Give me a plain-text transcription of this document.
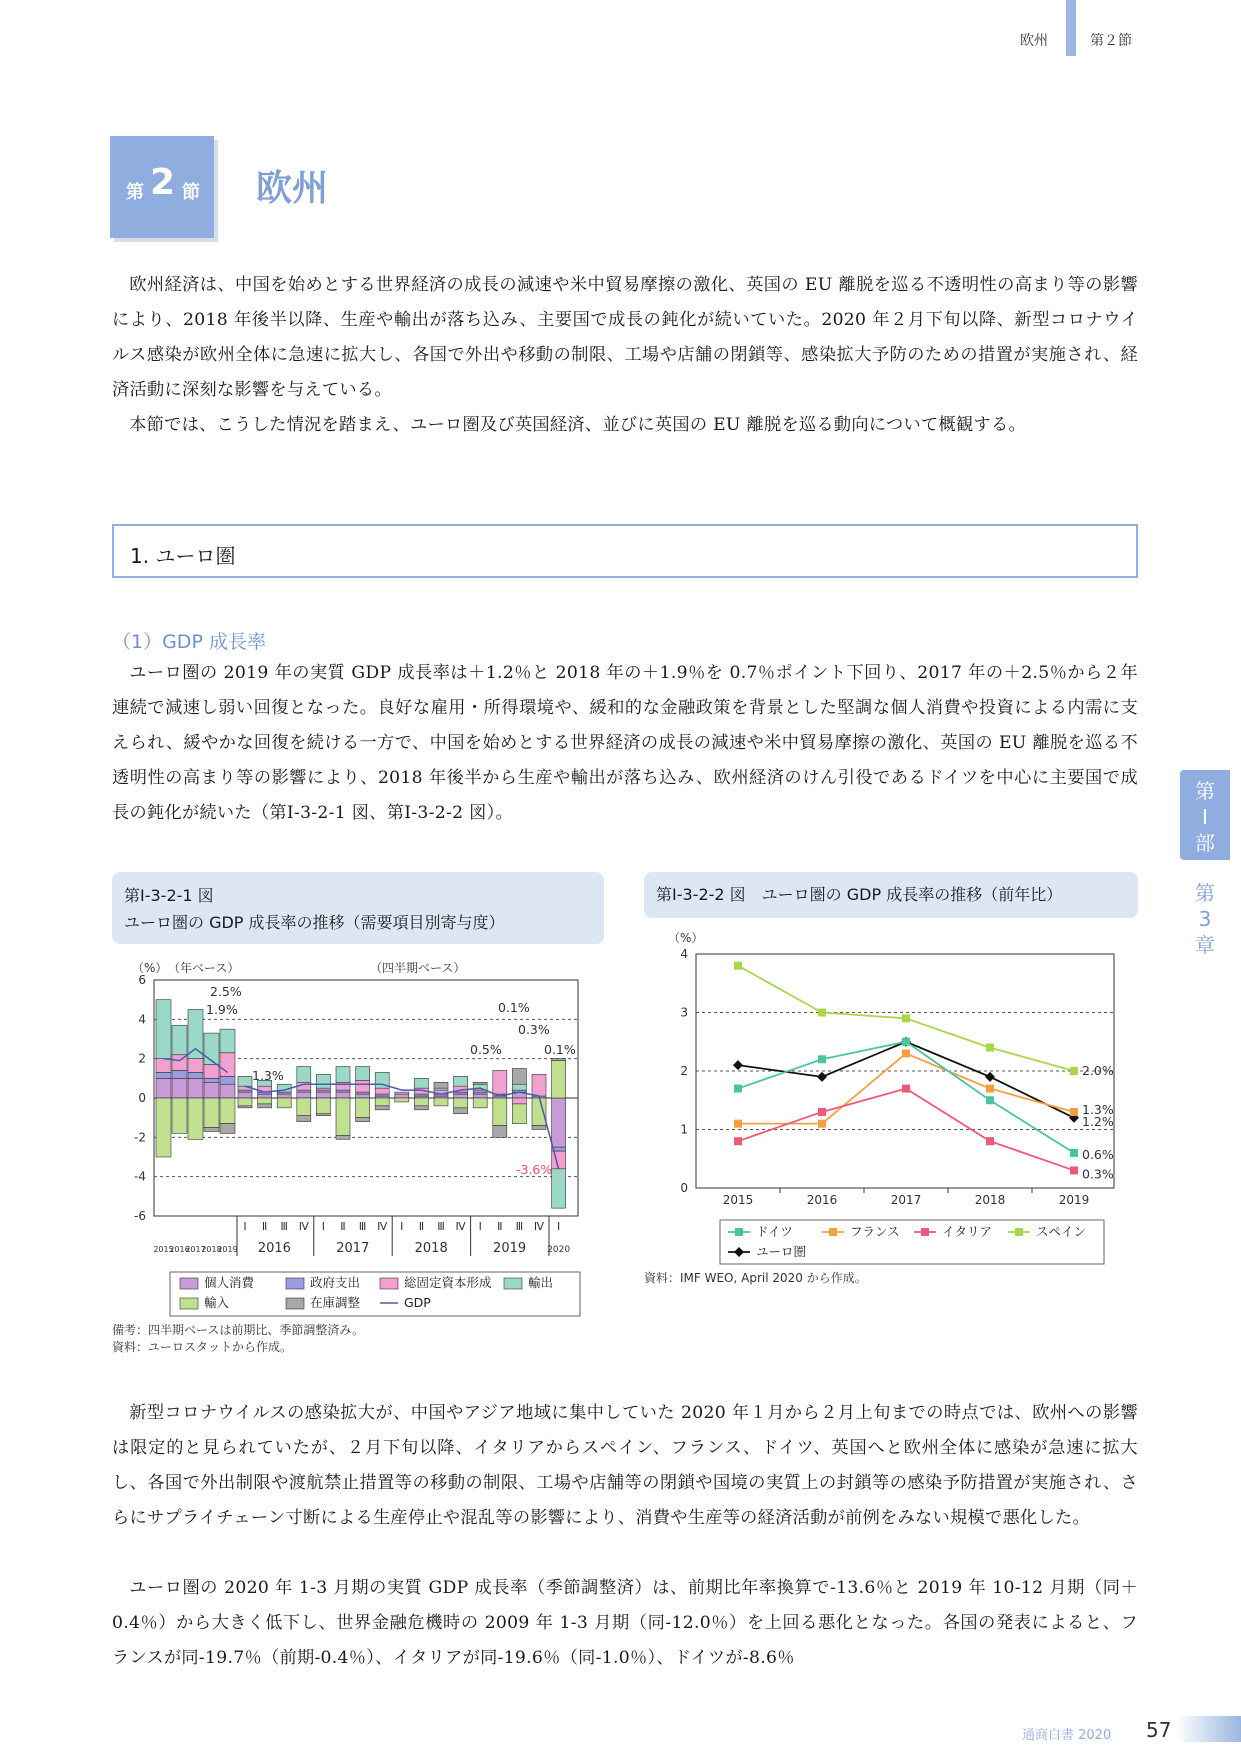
欧州	第２節
第 2 節 欧州

欧州経済は、中国を始めとする世界経済の成長の減速や米中貿易摩擦の激化、英国の EU 離脱を巡る不透明性の高まり等の影響により、2018 年後半以降、生産や輸出が落ち込み、主要国で成長の鈍化が続いていた。2020 年２月下旬以降、新型コロナウイルス感染が欧州全体に急速に拡大し、各国で外出や移動の制限、工場や店舗の閉鎖等、感染拡大予防のための措置が実施され、経済活動に深刻な影響を与えている。

本節では、こうした情況を踏まえ、ユーロ圏及び英国経済、並びに英国の EU 離脱を巡る動向について概観する。

1. ユーロ圏
（1）GDP 成長率

ユーロ圏の 2019 年の実質 GDP 成長率は＋1.2％と 2018 年の＋1.9％を 0.7％ポイント下回り、2017 年の＋2.5％から２年連続で減速し弱い回復となった。良好な雇用・所得環境や、緩和的な金融政策を背景とした堅調な個人消費や投資による内需に支えられ、緩やかな回復を続ける一方で、中国を始めとする世界経済の成長の減速や米中貿易摩擦の激化、英国の EU 離脱を巡る不透明性の高まり等の影響により、2018 年後半から生産や輸出が落ち込み、欧州経済のけん引役であるドイツを中心に主要国で成長の鈍化が続いた（第Ⅰ-3-2-1 図、第Ⅰ-3-2-2 図）。

第
Ⅰ
部
第
3
章
第Ⅰ-3-2-1 図
ユーロ圏の GDP 成長率の推移（需要項目別寄与度）
（%） （年ベース）	（四半期ベース）
-6
-4
-2
0
2
4
6
2015
2016
2017
2018
2019
Ⅰ Ⅱ Ⅲ Ⅳ
2016
Ⅰ Ⅱ Ⅲ Ⅳ
2017
Ⅰ Ⅱ Ⅲ Ⅳ
2018
Ⅰ Ⅱ Ⅲ Ⅳ
2019
Ⅰ
2020
2.5%
1.9%
1.3%
0.1%
0.3%
0.5%	0.1%
-3.6%
個人消費	政府支出	総固定資本形成	輸出
輸入	在庫調整	GDP
備考：四半期ベースは前期比、季節調整済み。
資料：ユーロスタットから作成。
第Ⅰ-3-2-2 図　ユーロ圏の GDP 成長率の推移（前年比）
（%）
0
1
2
3
4
2015	2016	2017	2018	2019
2.0%
1.3%
1.2%
0.6%
0.3%
ドイツ	フランス	イタリア	スペイン
ユーロ圏
資料：IMF WEO, April 2020 から作成。

新型コロナウイルスの感染拡大が、中国やアジア地域に集中していた 2020 年１月から２月上旬までの時点では、欧州への影響は限定的と見られていたが、２月下旬以降、イタリアからスペイン、フランス、ドイツ、英国へと欧州全体に感染が急速に拡大し、各国で外出制限や渡航禁止措置等の移動の制限、工場や店舗等の閉鎖や国境の実質上の封鎖等の感染予防措置が実施され、さらにサプライチェーン寸断による生産停止や混乱等の影響により、消費や生産等の経済活動が前例をみない規模で悪化した。

ユーロ圏の 2020 年 1-3 月期の実質 GDP 成長率（季節調整済）は、前期比年率換算で-13.6％と 2019 年 10-12 月期（同＋0.4％）から大きく低下し、世界金融危機時の 2009 年 1-3 月期（同-12.0％）を上回る悪化となった。各国の発表によると、フランスが同-19.7％（前期-0.4％）、イタリアが同-19.6％（同-1.0％）、ドイツが-8.6％

通商白書 2020 57
